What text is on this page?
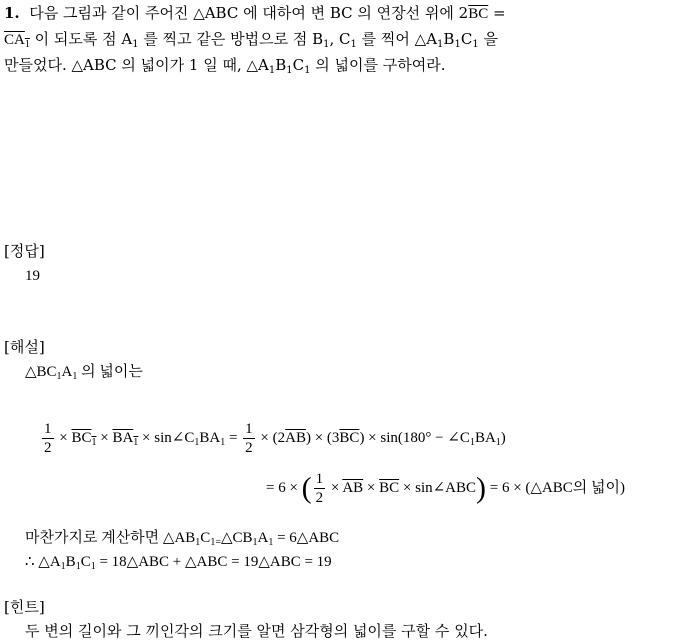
1. 다음 그림과 같이 주어진 △ABC 에 대하여 변 BC 의 연장선 위에 $2\overline{BC}$ =
$CA_1$ 이 되도록 점 $A_1$ 를 찍고 같은 방법으로 점 $B_1$, $C_1$ 를 찍어 $\triangle A_1B_1C_1$ 을
만들었다. △ABC 의 넓이가 1 일 때, $\triangle A_1B_1C_1$ 의 넓이를 구하여라.
[정답]
19
[해설]
$\triangle BC_1A_1$ 의 넓이는
$\frac{1}{2} \times BC_1 \times BA_1$ × $\sin\angle C_1BA_1 = \frac{1}{2} \times (2\overline{AB}) \times (3\overline{BC}) \times \sin(180^\circ$ − $\angle C_1BA_1$)
= 6 × ( $\frac{1}{2} \times \overline{AB} \times \overline{BC}$ × sin∠ABC) = 6 × (△ABC의 넓이)
마찬가지로 계산하면 $\triangle AB_1C_{1=}\triangle CB_1A_1$ = 6△ABC
∴ $\triangle A_1B_1C_1$ = 18△ABC + △ABC = 19△ABC = 19
[힌트]
두 변의 길이와 그 끼인각의 크기를 알면 삼각형의 넓이를 구할 수 있다.
